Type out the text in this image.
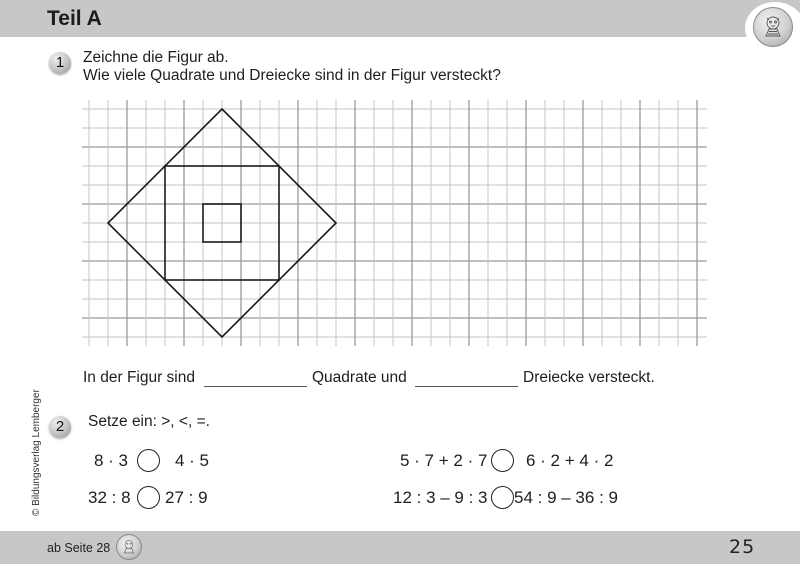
Teil A
1	Zeichne die Figur ab.
Wie viele Quadrate und Dreiecke sind in der Figur versteckt?
In der Figur sind	Quadrate und	Dreiecke versteckt.
2	Setze ein: >, <, =.
8 · 3	4 · 5
32 : 8 27 : 9
5 · 7 + 2 · 7 6 · 2 + 4 · 2
12 : 3 – 9 : 3 54 : 9 – 36 : 9
© Bildungsverlag Lemberger
ab Seite 28	25
